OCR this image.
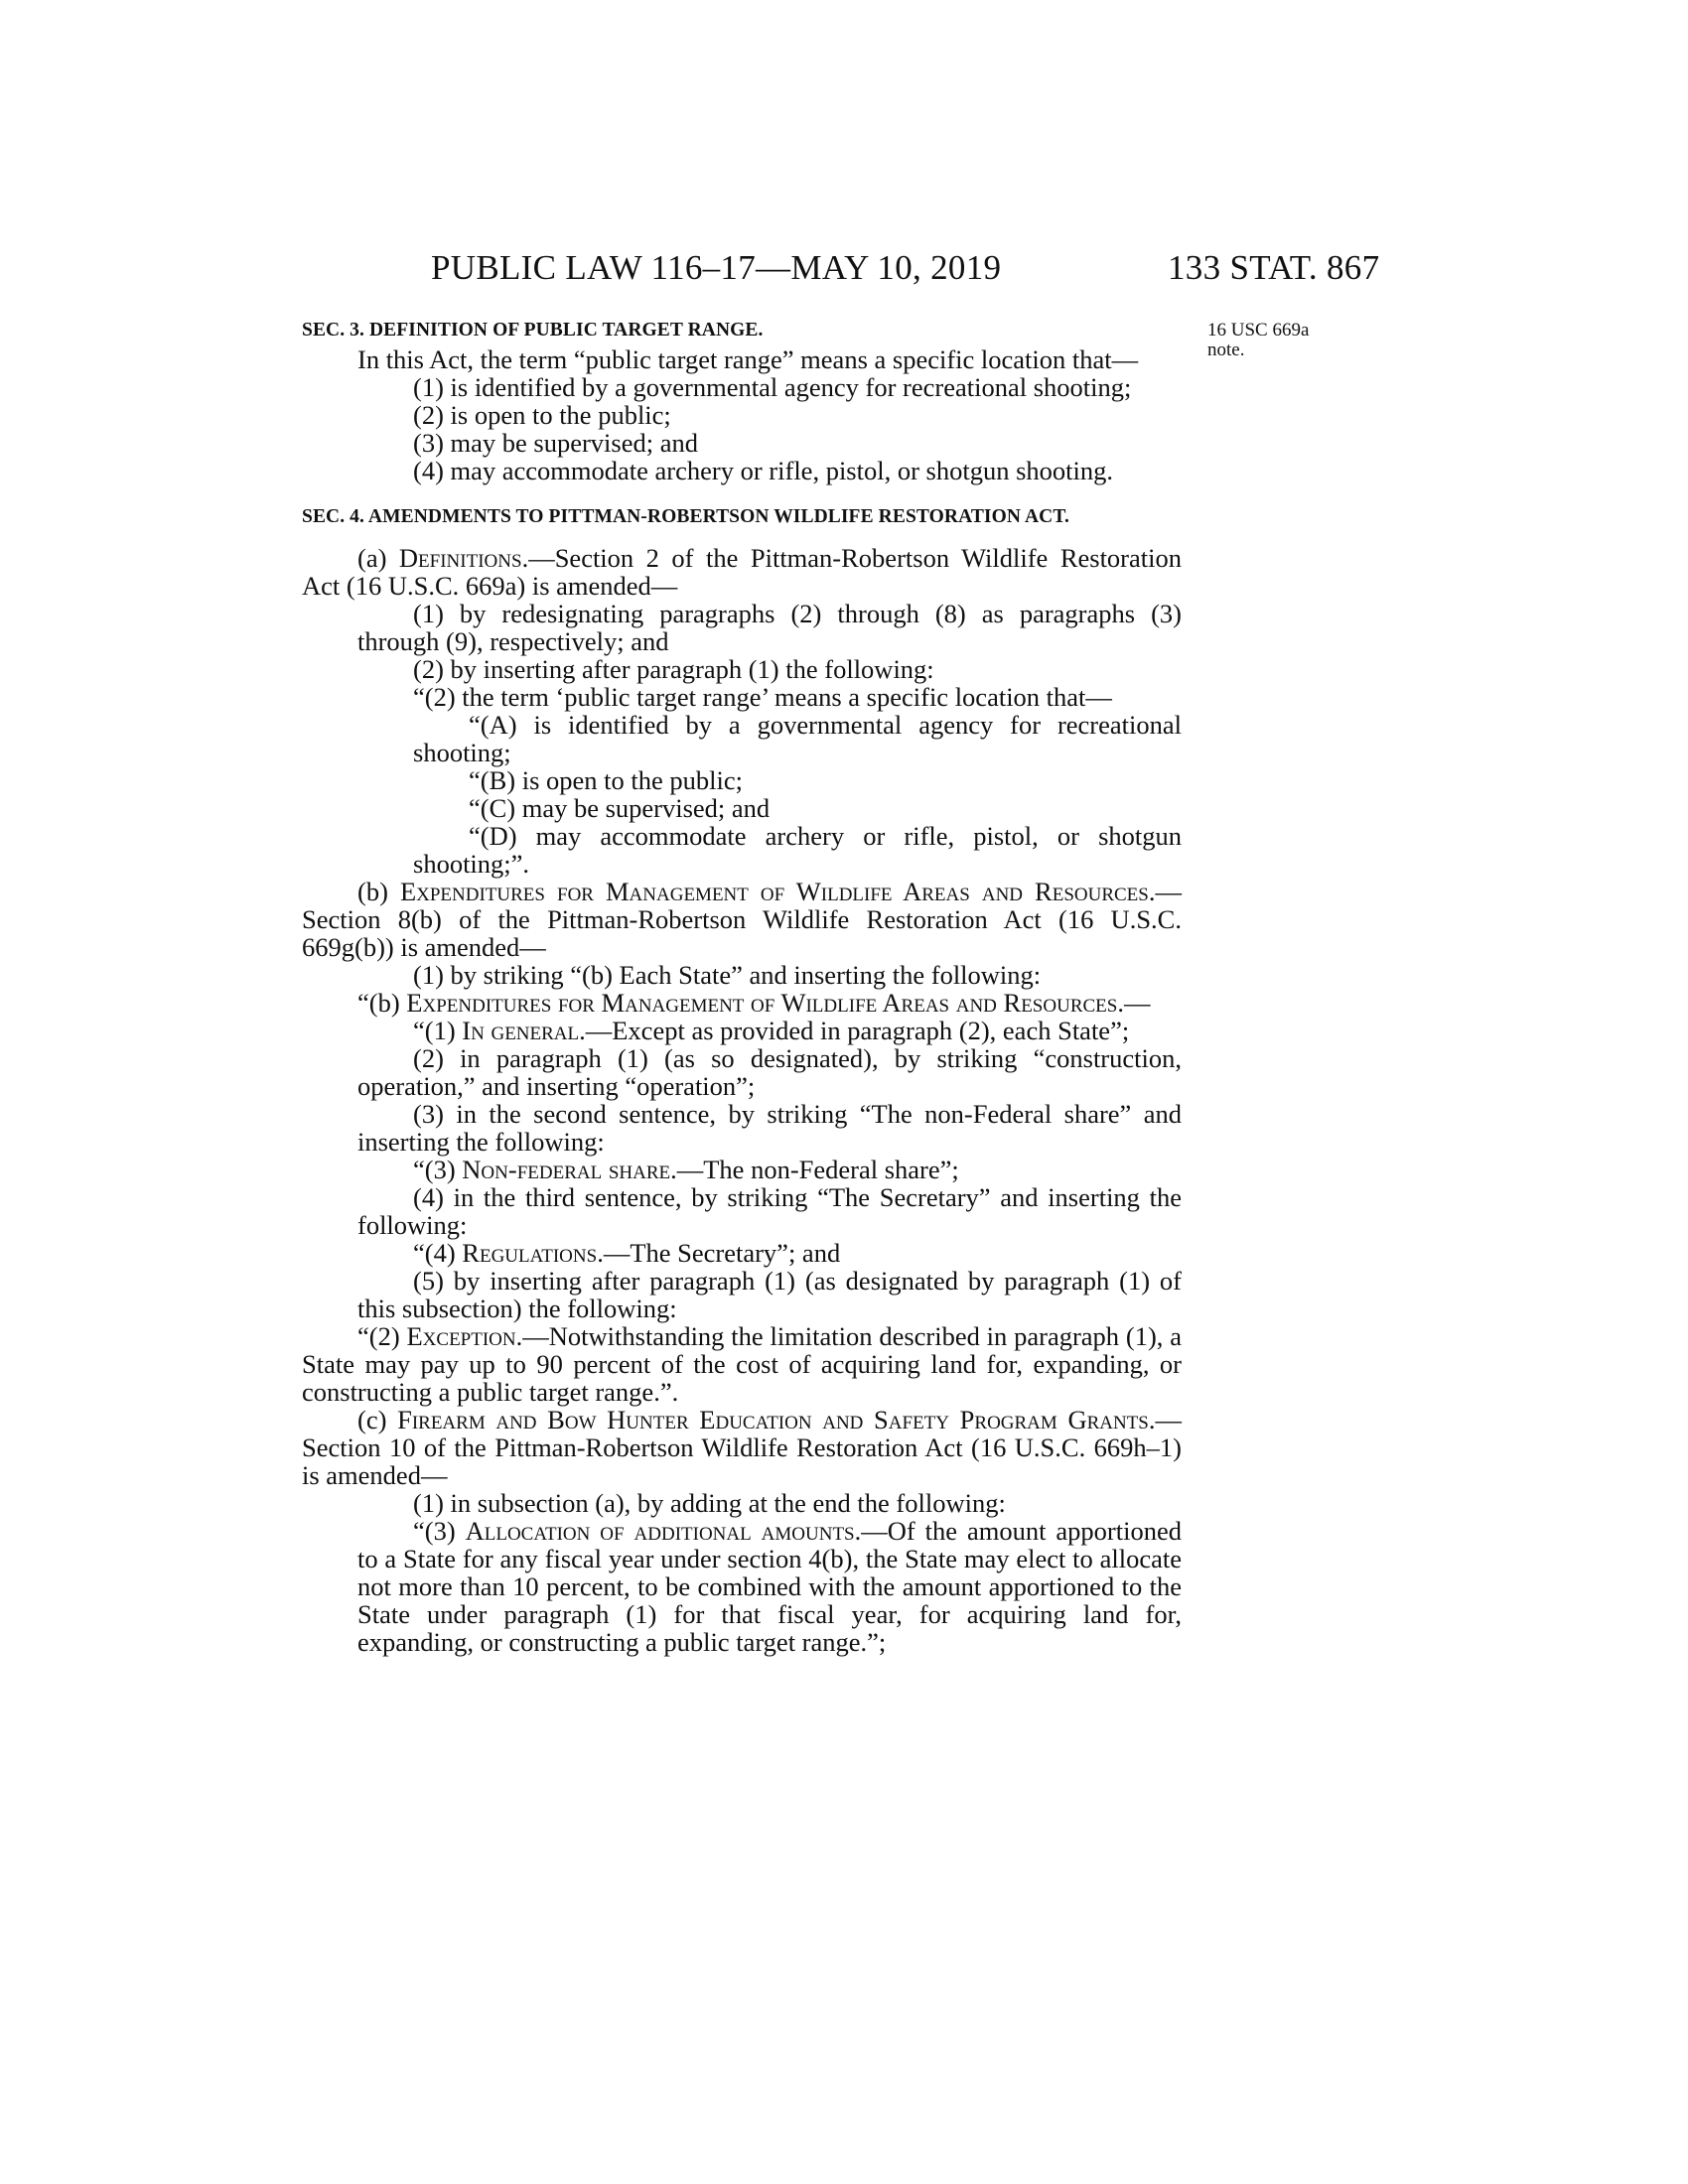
PUBLIC LAW 116–17—MAY 10, 2019	133 STAT. 867
16 USC 669a
note.

SEC. 3. DEFINITION OF PUBLIC TARGET RANGE.

In this Act, the term “public target range” means a specific location that—

(1) is identified by a governmental agency for recreational shooting;

(2) is open to the public;

(3) may be supervised; and

(4) may accommodate archery or rifle, pistol, or shotgun shooting.

SEC. 4. AMENDMENTS TO PITTMAN-ROBERTSON WILDLIFE RESTORATION ACT.

(a) Definitions.—Section 2 of the Pittman-Robertson Wildlife Restoration Act (16 U.S.C. 669a) is amended—

(1) by redesignating paragraphs (2) through (8) as paragraphs (3) through (9), respectively; and

(2) by inserting after paragraph (1) the following:

“(2) the term ‘public target range’ means a specific location that—

“(A) is identified by a governmental agency for recreational shooting;

“(B) is open to the public;

“(C) may be supervised; and

“(D) may accommodate archery or rifle, pistol, or shotgun shooting;”.

(b) Expenditures for Management of Wildlife Areas and Resources.—Section 8(b) of the Pittman-Robertson Wildlife Restoration Act (16 U.S.C. 669g(b)) is amended—

(1) by striking “(b) Each State” and inserting the following:

“(b) Expenditures for Management of Wildlife Areas and Resources.—

“(1) In general.—Except as provided in paragraph (2), each State”;

(2) in paragraph (1) (as so designated), by striking “construction, operation,” and inserting “operation”;

(3) in the second sentence, by striking “The non-Federal share” and inserting the following:

“(3) Non-federal share.—The non-Federal share”;

(4) in the third sentence, by striking “The Secretary” and inserting the following:

“(4) Regulations.—The Secretary”; and

(5) by inserting after paragraph (1) (as designated by paragraph (1) of this subsection) the following:

“(2) Exception.—Notwithstanding the limitation described in paragraph (1), a State may pay up to 90 percent of the cost of acquiring land for, expanding, or constructing a public target range.”.

(c) Firearm and Bow Hunter Education and Safety Program Grants.—Section 10 of the Pittman-Robertson Wildlife Restoration Act (16 U.S.C. 669h–1) is amended—

(1) in subsection (a), by adding at the end the following:

“(3) Allocation of additional amounts.—Of the amount apportioned to a State for any fiscal year under section 4(b), the State may elect to allocate not more than 10 percent, to be combined with the amount apportioned to the State under paragraph (1) for that fiscal year, for acquiring land for, expanding, or constructing a public target range.”;
